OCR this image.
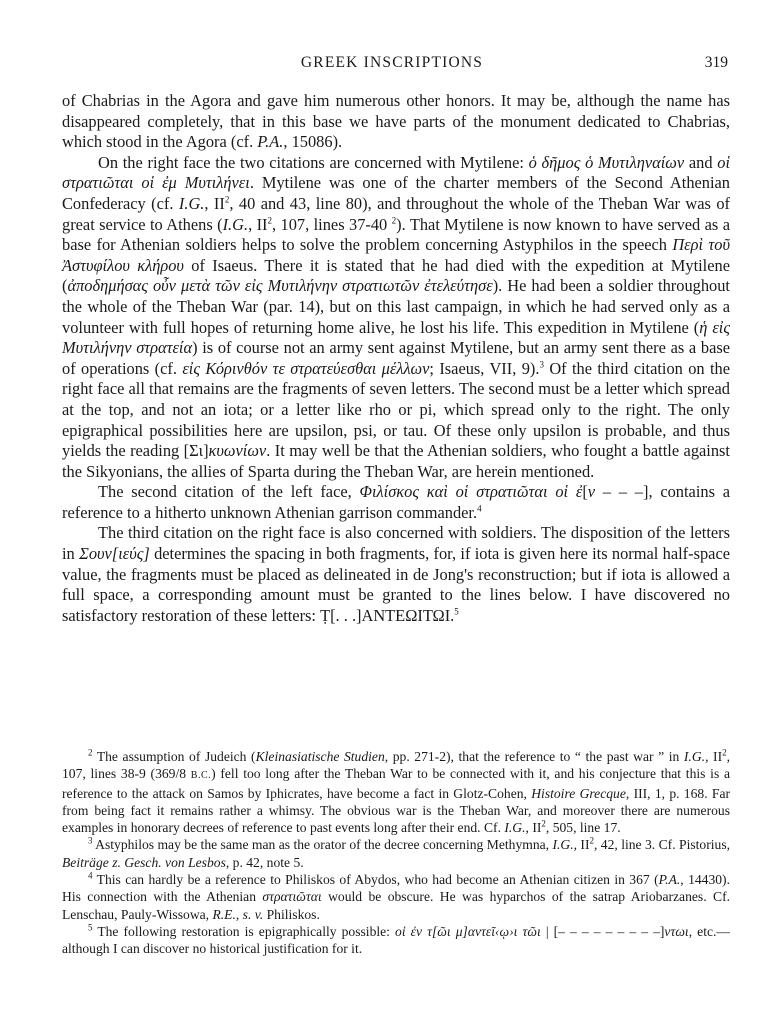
GREEK INSCRIPTIONS	319

of Chabrias in the Agora and gave him numerous other honors. It may be, although the name has disappeared completely, that in this base we have parts of the monument dedicated to Chabrias, which stood in the Agora (cf. P.A., 15086).

On the right face the two citations are concerned with Mytilene: ὁ δῆμος ὁ Μυτιληναίων and οἱ στρατιῶται οἱ ἐμ Μυτιλήνει. Mytilene was one of the charter members of the Second Athenian Confederacy (cf. I.G., $II^2$, 40 and 43, line 80), and throughout the whole of the Theban War was of great service to Athens (I.G., $II^2$, 107, lines 37-40 $^2$). That Mytilene is now known to have served as a base for Athenian soldiers helps to solve the problem concerning Astyphilos in the speech Περὶ τοῦ Ἀστυφίλου κλήρου of Isaeus. There it is stated that he had died with the expedition at Mytilene (ἀποδημήσας οὖν μετὰ τῶν εἰς Μυτιλήνην στρατιωτῶν ἐτελεύτησε). He had been a soldier throughout the whole of the Theban War (par. 14), but on this last campaign, in which he had served only as a volunteer with full hopes of returning home alive, he lost his life. This expedition in Mytilene (ἡ εἰς Μυτιλήνην στρατεία) is of course not an army sent against Mytilene, but an army sent there as a base of operations (cf. εἰς Κόρινθόν τε στρατεύεσθαι μέλλων; Isaeus, VII, 9).$^3$ Of the third citation on the right face all that remains are the fragments of seven letters. The second must be a letter which spread at the top, and not an iota; or a letter like rho or pi, which spread only to the right. The only epigraphical possibilities here are upsilon, psi, or tau. Of these only upsilon is probable, and thus yields the reading [Σι]κυωνίων. It may well be that the Athenian soldiers, who fought a battle against the Sikyonians, the allies of Sparta during the Theban War, are herein mentioned.

The second citation of the left face, Φιλίσκος καὶ οἱ στρατιῶται οἱ ἐ[ν – – –], contains a reference to a hitherto unknown Athenian garrison commander.$^4$

The third citation on the right face is also concerned with soldiers. The disposition of the letters in Σουν[ιεύς] determines the spacing in both fragments, for, if iota is given here its normal half-space value, the fragments must be placed as delineated in de Jong's reconstruction; but if iota is allowed a full space, a corresponding amount must be granted to the lines below. I have discovered no satisfactory restoration of these letters: Ṭ[. . .]ΑΝΤΕΩΙΤΩΙ.$^5$

$^2$ The assumption of Judeich (Kleinasiatische Studien, pp. 271-2), that the reference to “ the past war ” in I.G., $II^2$, 107, lines 38-9 (369/8 B.C.) fell too long after the Theban War to be connected with it, and his conjecture that this is a reference to the attack on Samos by Iphicrates, have become a fact in Glotz-Cohen, Histoire Grecque, III, 1, p. 168. Far from being fact it remains rather a whimsy. The obvious war is the Theban War, and moreover there are numerous examples in honorary decrees of reference to past events long after their end. Cf. I.G., $II^2$, 505, line 17.

$^3$ Astyphilos may be the same man as the orator of the decree concerning Methymna, I.G., $II^2$, 42, line 3. Cf. Pistorius, Beiträge z. Gesch. von Lesbos, p. 42, note 5.

$^4$ This can hardly be a reference to Philiskos of Abydos, who had become an Athenian citizen in 367 (P.A., 14430). His connection with the Athenian στρατιῶται would be obscure. He was hyparchos of the satrap Ariobarzanes. Cf. Lenschau, Pauly-Wissowa, R.E., s. v. Philiskos.

$^5$ The following restoration is epigraphically possible: οἱ ἐν τ[ῶι μ]αντεῖ‹ῳ›ι τῶι | [– – – – – – – – –]ντωι, etc.—although I can discover no historical justification for it.
